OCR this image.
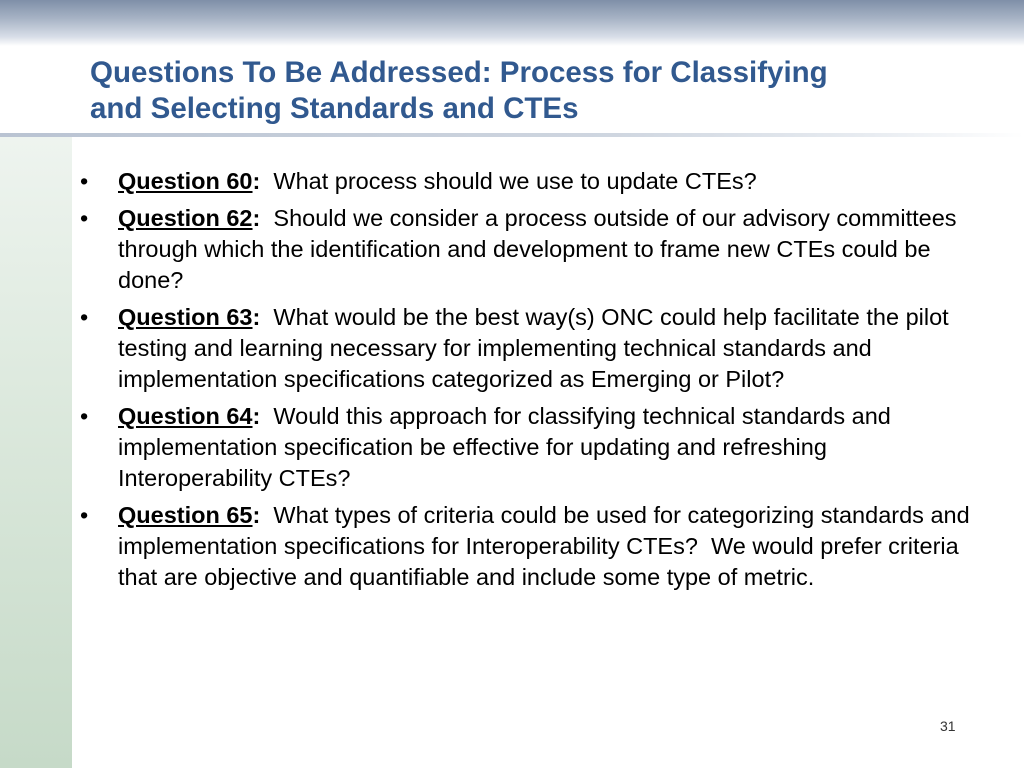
Questions To Be Addressed: Process for Classifying
and Selecting Standards and CTEs
• Question 60:  What process should we use to update CTEs?
• Question 62:  Should we consider a process outside of our advisory committees through which the identification and development to frame new CTEs could be done?
• Question 63:  What would be the best way(s) ONC could help facilitate the pilot testing and learning necessary for implementing technical standards and implementation specifications categorized as Emerging or Pilot?
• Question 64:  Would this approach for classifying technical standards and implementation specification be effective for updating and refreshing Interoperability CTEs?
• Question 65:  What types of criteria could be used for categorizing standards and implementation specifications for Interoperability CTEs?  We would prefer criteria that are objective and quantifiable and include some type of metric.
31
